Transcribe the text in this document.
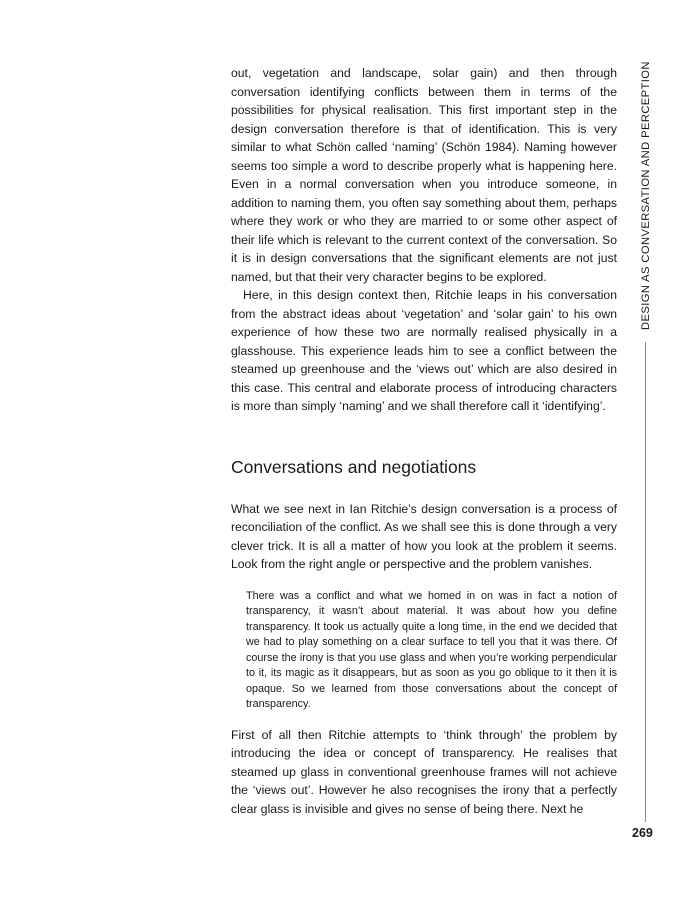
out, vegetation and landscape, solar gain) and then through conversation identifying conflicts between them in terms of the possibilities for physical realisation. This first important step in the design conversation therefore is that of identification. This is very similar to what Schön called ‘naming’ (Schön 1984). Naming however seems too simple a word to describe properly what is happening here. Even in a normal conversation when you introduce someone, in addition to naming them, you often say something about them, perhaps where they work or who they are married to or some other aspect of their life which is relevant to the current context of the conversation. So it is in design conversations that the significant elements are not just named, but that their very character begins to be explored.

Here, in this design context then, Ritchie leaps in his conversation from the abstract ideas about ‘vegetation’ and ‘solar gain’ to his own experience of how these two are normally realised physically in a glasshouse. This experience leads him to see a conflict between the steamed up greenhouse and the ‘views out’ which are also desired in this case. This central and elaborate process of introducing characters is more than simply ‘naming’ and we shall therefore call it ‘identifying’.

Conversations and negotiations

What we see next in Ian Ritchie’s design conversation is a process of reconciliation of the conflict. As we shall see this is done through a very clever trick. It is all a matter of how you look at the problem it seems. Look from the right angle or perspective and the problem vanishes.

There was a conflict and what we homed in on was in fact a notion of transparency, it wasn’t about material. It was about how you define transparency. It took us actually quite a long time, in the end we decided that we had to play something on a clear surface to tell you that it was there. Of course the irony is that you use glass and when you’re working perpendicular to it, its magic as it disappears, but as soon as you go oblique to it then it is opaque. So we learned from those conversations about the concept of transparency.

First of all then Ritchie attempts to ‘think through’ the problem by introducing the idea or concept of transparency. He realises that steamed up glass in conventional greenhouse frames will not achieve the ‘views out’. However he also recognises the irony that a perfectly clear glass is invisible and gives no sense of being there. Next he

DESIGN AS CONVERSATION AND PERCEPTION
269
